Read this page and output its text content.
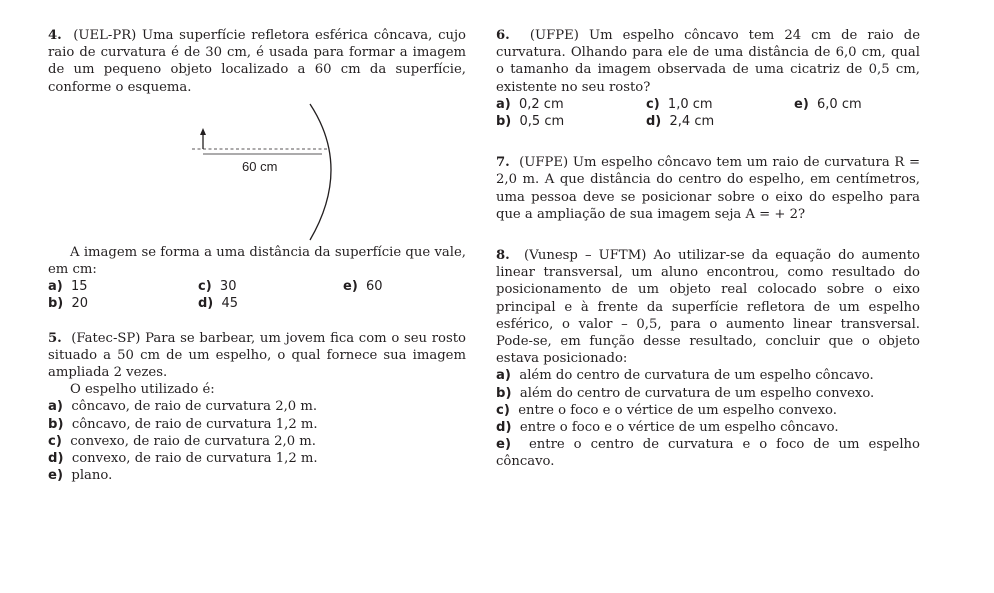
4. (UEL-PR) Uma superfície refletora esférica côncava, cujo raio de curvatura é de 30 cm, é usada para formar a imagem de um pequeno objeto localizado a 60 cm da superfície, conforme o esquema.

60 cm

A imagem se forma a uma distância da superfície que vale, em cm:

a) 15	c) 30	e) 60
b) 20	d) 45

5. (Fatec-SP) Para se barbear, um jovem fica com o seu rosto situado a 50 cm de um espelho, o qual fornece sua imagem ampliada 2 vezes.

O espelho utilizado é:

a) côncavo, de raio de curvatura 2,0 m.
b) côncavo, de raio de curvatura 1,2 m.
c) convexo, de raio de curvatura 2,0 m.
d) convexo, de raio de curvatura 1,2 m.
e) plano.

6. (UFPE) Um espelho côncavo tem 24 cm de raio de curvatura. Olhando para ele de uma distância de 6,0 cm, qual o tamanho da imagem observada de uma cicatriz de 0,5 cm, existente no seu rosto?

a) 0,2 cm	c) 1,0 cm	e) 6,0 cm
b) 0,5 cm	d) 2,4 cm

7. (UFPE) Um espelho côncavo tem um raio de curvatura R = 2,0 m. A que distância do centro do espelho, em centímetros, uma pessoa deve se posicionar sobre o eixo do espelho para que a ampliação de sua imagem seja A = + 2?

8. (Vunesp – UFTM) Ao utilizar-se da equação do aumento linear transversal, um aluno encontrou, como resultado do posicionamento de um objeto real colocado sobre o eixo principal e à frente da superfície refletora de um espelho esférico, o valor – 0,5, para o aumento linear transversal. Pode-se, em função desse resultado, concluir que o objeto estava posicionado:

a) além do centro de curvatura de um espelho côncavo.
b) além do centro de curvatura de um espelho convexo.
c) entre o foco e o vértice de um espelho convexo.
d) entre o foco e o vértice de um espelho côncavo.
e) entre o centro de curvatura e o foco de um espelho côncavo.
